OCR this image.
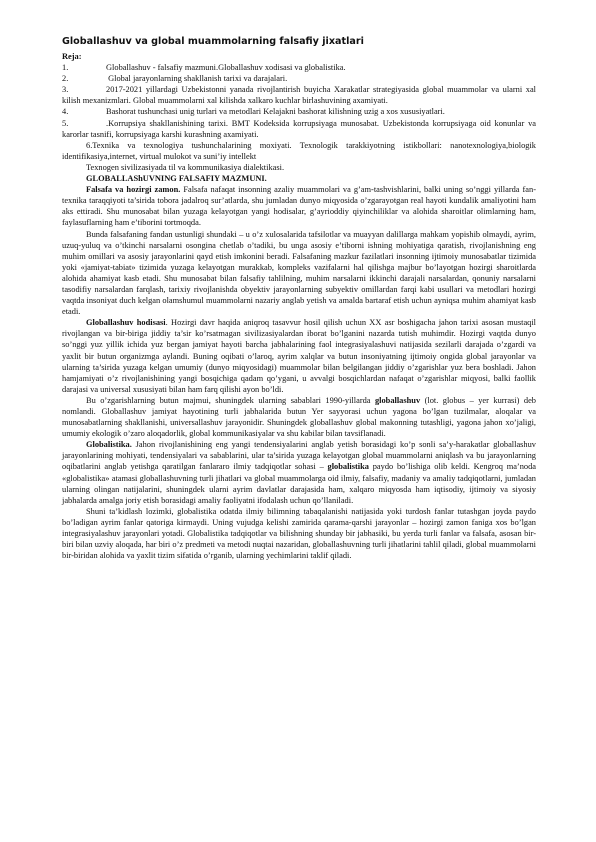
Globallashuv va global muammolarning falsafiy jixatlari

Reja:

1.	Globallashuv - falsafiy mazmuni.Globallashuv xodisasi va globalistika.

2.	Global jarayonlarning shakllanish tarixi va darajalari.

3.	2017-2021 yillardagi Uzbekistonni yanada rivojlantirish buyicha Xarakatlar strategiyasida global muammolar va ularni xal kilish mexanizmlari. Global muammolarni xal kilishda xalkaro kuchlar birlashuvining axamiyati.

4.	Bashorat tushunchasi unig turlari va metodlari Kelajakni bashorat kilishning uzig a xos xususiyatlari.

5.	.Korrupsiya shakllanishining tarixi. BMT Kodeksida korrupsiyaga munosabat. Uzbekistonda korrupsiyaga oid konunlar va karorlar tasnifi, korrupsiyaga karshi kurashning axamiyati.

6.Texnika va texnologiya tushunchalarining moxiyati. Texnologik tarakkiyotning istikbollari: nanotexnologiya,biologik identifikasiya,internet, virtual mulokot va suni’iy intellekt

Texnogen sivilizasiyada til va kommunikasiya dialektikasi.

GLOBALLAShUVNING FALSAFIY MAZMUNI.

Falsafa va hozirgi zamon. Falsafa nafaqat insonning azaliy muammolari va g’am-tashvishlarini, balki uning so’nggi yillarda fan-texnika taraqqiyoti ta’sirida tobora jadalroq sur’atlarda, shu jumladan dunyo miqyosida o’zgarayotgan real hayoti kundalik amaliyotini ham aks ettiradi. Shu munosabat bilan yuzaga kelayotgan yangi hodisalar, g’ayrioddiy qiyinchiliklar va alohida sharoitlar olimlarning ham, faylasuflarning ham e’tiborini tortmoqda.

Bunda falsafaning fandan ustunligi shundaki – u o’z xulosalarida tafsilotlar va muayyan dalillarga mahkam yopishib olmaydi, ayrim, uzuq-yuluq va o’tkinchi narsalarni osongina chetlab o’tadiki, bu unga asosiy e’tiborni ishning mohiyatiga qaratish, rivojlanishning eng muhim omillari va asosiy jarayonlarini qayd etish imkonini beradi. Falsafaning mazkur fazilatlari insonning ijtimoiy munosabatlar tizimida yoki «jamiyat-tabiat» tizimida yuzaga kelayotgan murakkab, kompleks vazifalarni hal qilishga majbur bo’layotgan hozirgi sharoitlarda alohida ahamiyat kasb etadi. Shu munosabat bilan falsafiy tahlilning, muhim narsalarni ikkinchi darajali narsalardan, qonuniy narsalarni tasodifiy narsalardan farqlash, tarixiy rivojlanishda obyektiv jarayonlarning subyektiv omillardan farqi kabi usullari va metodlari hozirgi vaqtda insoniyat duch kelgan olamshumul muammolarni nazariy anglab yetish va amalda bartaraf etish uchun ayniqsa muhim ahamiyat kasb etadi.

Globallashuv hodisasi. Hozirgi davr haqida aniqroq tasavvur hosil qilish uchun XX asr boshigacha jahon tarixi asosan mustaqil rivojlangan va bir-biriga jiddiy ta’sir ko’rsatmagan sivilizasiyalardan iborat bo’lganini nazarda tutish muhimdir. Hozirgi vaqtda dunyo so’nggi yuz yillik ichida yuz bergan jamiyat hayoti barcha jabhalarining faol integrasiyalashuvi natijasida sezilarli darajada o’zgardi va yaxlit bir butun organizmga aylandi. Buning oqibati o’laroq, ayrim xalqlar va butun insoniyatning ijtimoiy ongida global jarayonlar va ularning ta’sirida yuzaga kelgan umumiy (dunyo miqyosidagi) muammolar bilan belgilangan jiddiy o’zgarishlar yuz bera boshladi. Jahon hamjamiyati o’z rivojlanishining yangi bosqichiga qadam qo’ygani, u avvalgi bosqichlardan nafaqat o’zgarishlar miqyosi, balki faollik darajasi va universal xususiyati bilan ham farq qilishi ayon bo’ldi.

Bu o’zgarishlarning butun majmui, shuningdek ularning sabablari 1990-yillarda globallashuv (lot. globus – yer kurrasi) deb nomlandi. Globallashuv jamiyat hayotining turli jabhalarida butun Yer sayyorasi uchun yagona bo’lgan tuzilmalar, aloqalar va munosabatlarning shakllanishi, universallashuv jarayonidir. Shuningdek globallashuv global makonning tutashligi, yagona jahon xo’jaligi, umumiy ekologik o’zaro aloqadorlik, global kommunikasiyalar va shu kabilar bilan tavsiflanadi.

Globalistika. Jahon rivojlanishining eng yangi tendensiyalarini anglab yetish borasidagi ko’p sonli sa’y-harakatlar globallashuv jarayonlarining mohiyati, tendensiyalari va sabablarini, ular ta’sirida yuzaga kelayotgan global muammolarni aniqlash va bu jarayonlarning oqibatlarini anglab yetishga qaratilgan fanlararo ilmiy tadqiqotlar sohasi – globalistika paydo bo’lishiga olib keldi. Kengroq ma’noda «globalistika» atamasi globallashuvning turli jihatlari va global muammolarga oid ilmiy, falsafiy, madaniy va amaliy tadqiqotlarni, jumladan ularning olingan natijalarini, shuningdek ularni ayrim davlatlar darajasida ham, xalqaro miqyosda ham iqtisodiy, ijtimoiy va siyosiy jabhalarda amalga joriy etish borasidagi amaliy faoliyatni ifodalash uchun qo’llaniladi.

Shuni ta’kidlash lozimki, globalistika odatda ilmiy bilimning tabaqalanishi natijasida yoki turdosh fanlar tutashgan joyda paydo bo’ladigan ayrim fanlar qatoriga kirmaydi. Uning vujudga kelishi zamirida qarama-qarshi jarayonlar – hozirgi zamon faniga xos bo’lgan integrasiyalashuv jarayonlari yotadi. Globalistika tadqiqotlar va bilishning shunday bir jabhasiki, bu yerda turli fanlar va falsafa, asosan bir-biri bilan uzviy aloqada, har biri o’z predmeti va metodi nuqtai nazaridan, globallashuvning turli jihatlarini tahlil qiladi, global muammolarni bir-biridan alohida va yaxlit tizim sifatida o’rganib, ularning yechimlarini taklif qiladi.
